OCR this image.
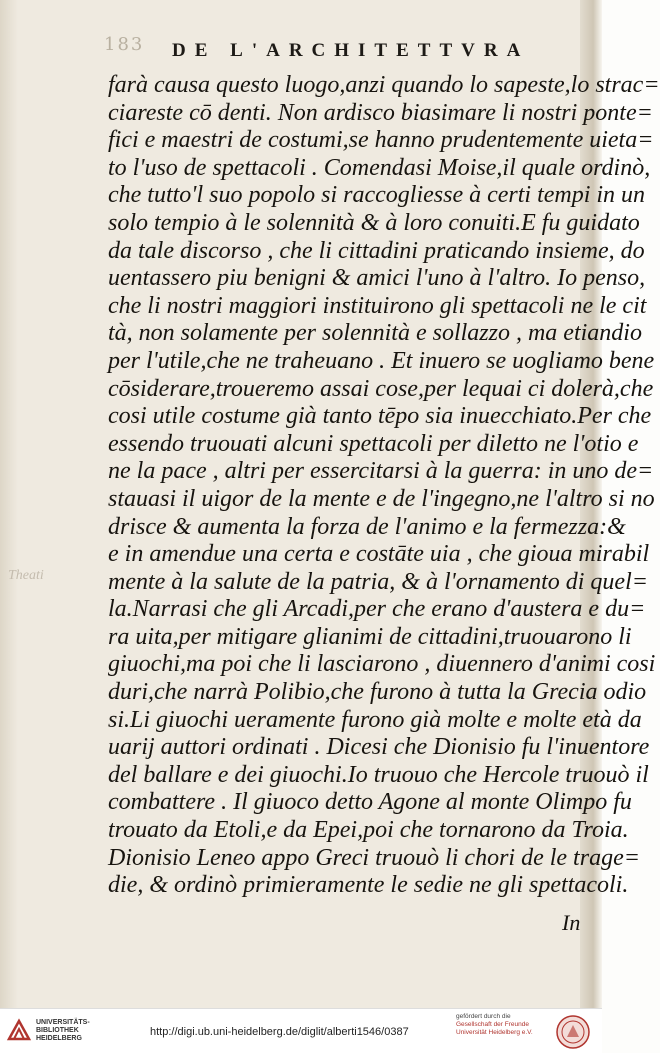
183 DE L'ARCHITETTVRA
Theati
farà causa questo luogo,anzi quando lo sapeste,lo strac=
ciareste cō denti. Non ardisco biasimare li nostri ponte=
fici e maestri de costumi,se hanno prudentemente uieta=
to l'uso de spettacoli . Comendasi Moise,il quale ordinò,
che tutto'l suo popolo si raccogliesse à certi tempi in un
solo tempio à le solennità & à loro conuiti.E fu guidato
da tale discorso , che li cittadini praticando insieme, do
uentassero piu benigni & amici l'uno à l'altro. Io penso,
che li nostri maggiori instituirono gli spettacoli ne le cit
tà, non solamente per solennità e sollazzo , ma etiandio
per l'utile,che ne traheuano . Et inuero se uogliamo bene
cōsiderare,troueremo assai cose,per lequai ci dolerà,che
cosi utile costume già tanto tēpo sia inuecchiato.Per che
essendo truouati alcuni spettacoli per diletto ne l'otio e
ne la pace , altri per essercitarsi à la guerra: in uno de=
stauasi il uigor de la mente e de l'ingegno,ne l'altro si no
drisce & aumenta la forza de l'animo e la fermezza:&
e in amendue una certa e costāte uia , che gioua mirabil
mente à la salute de la patria, & à l'ornamento di quel=
la.Narrasi che gli Arcadi,per che erano d'austera e du=
ra uita,per mitigare glianimi de cittadini,truouarono li
giuochi,ma poi che li lasciarono , diuennero d'animi cosi
duri,che narrà Polibio,che furono à tutta la Grecia odio
si.Li giuochi ueramente furono già molte e molte età da
uarij auttori ordinati . Dicesi che Dionisio fu l'inuentore
del ballare e dei giuochi.Io truouo che Hercole truouò il
combattere . Il giuoco detto Agone al monte Olimpo fu
trouato da Etoli,e da Epei,poi che tornarono da Troia.
Dionisio Leneo appo Greci truouò li chori de le trage=
die, & ordinò primieramente le sedie ne gli spettacoli.
In
UNIVERSITÄTS-
BIBLIOTHEK
HEIDELBERG
http://digi.ub.uni-heidelberg.de/diglit/alberti1546/0387
gefördert durch die
Gesellschaft der Freunde
Universität Heidelberg e.V.
